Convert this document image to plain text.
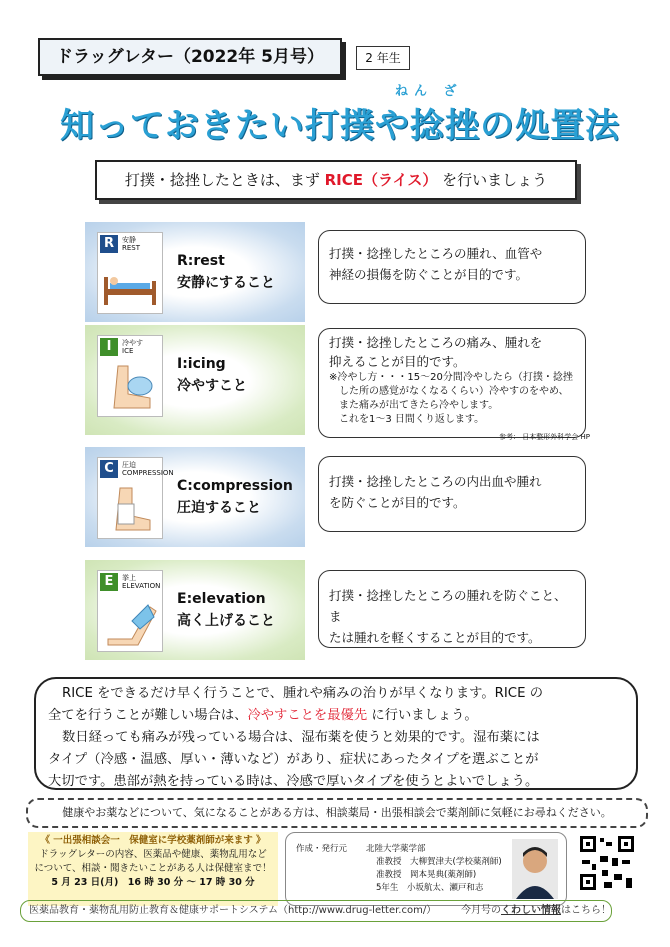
ドラッグレター（2022年 5月号）	2 年生
ねん ざ
知っておきたい打撲や捻挫の処置法
打撲・捻挫したときは、まず RICE（ライス） を行いましょう
R	安静
REST
R:rest
安静にすること
打撲・捻挫したところの腫れ、血管や
神経の損傷を防ぐことが目的です。
I	冷やす
ICE
I:icing
冷やすこと
打撲・捻挫したところの痛み、腫れを
抑えることが目的です。
※冷やし方・・・15～20分間冷やしたら（打撲・捻挫
した所の感覚がなくなるくらい）冷やすのをやめ、
また痛みが出てきたら冷やします。
これを1～3 日間くり返します。
参考： 日本整形外科学会 HP
C	圧迫
COMPRESSION
C:compression
圧迫すること
打撲・捻挫したところの内出血や腫れ
を防ぐことが目的です。
E	挙上
ELEVATION
E:elevation
高く上げること
打撲・捻挫したところの腫れを防ぐこと、ま
たは腫れを軽くすることが目的です。
RICE をできるだけ早く行うことで、腫れや痛みの治りが早くなります。RICE の
全てを行うことが難しい場合は、冷やすことを最優先 に行いましょう。
数日経っても痛みが残っている場合は、湿布薬を使うと効果的です。湿布薬には
タイプ（冷感・温感、厚い・薄いなど）があり、症状にあったタイプを選ぶことが
大切です。患部が熱を持っている時は、冷感で厚いタイプを使うとよいでしょう。
健康やお薬などについて、気になることがある方は、相談薬局・出張相談会で薬剤師に気軽にお尋ねください。
《 一出張相談会一　保健室に学校薬剤師が来ます 》
ドラッグレターの内容、医薬品や健康、薬物乱用など
について、相談・聞きたいことがある人は保健室まで！
5 月 23 日(月)　16 時 30 分 ～ 17 時 30 分
作成・発行元 北陸大学薬学部
准教授　大柳賀津夫(学校薬剤師)
准教授　岡本晃典(薬剤師)
5年生　小坂航太、瀬戸和志
医薬品教育・薬物乱用防止教育＆健康サポートシステム（http://www.drug-letter.com/） 今月号のくわしい情報はこちら！
